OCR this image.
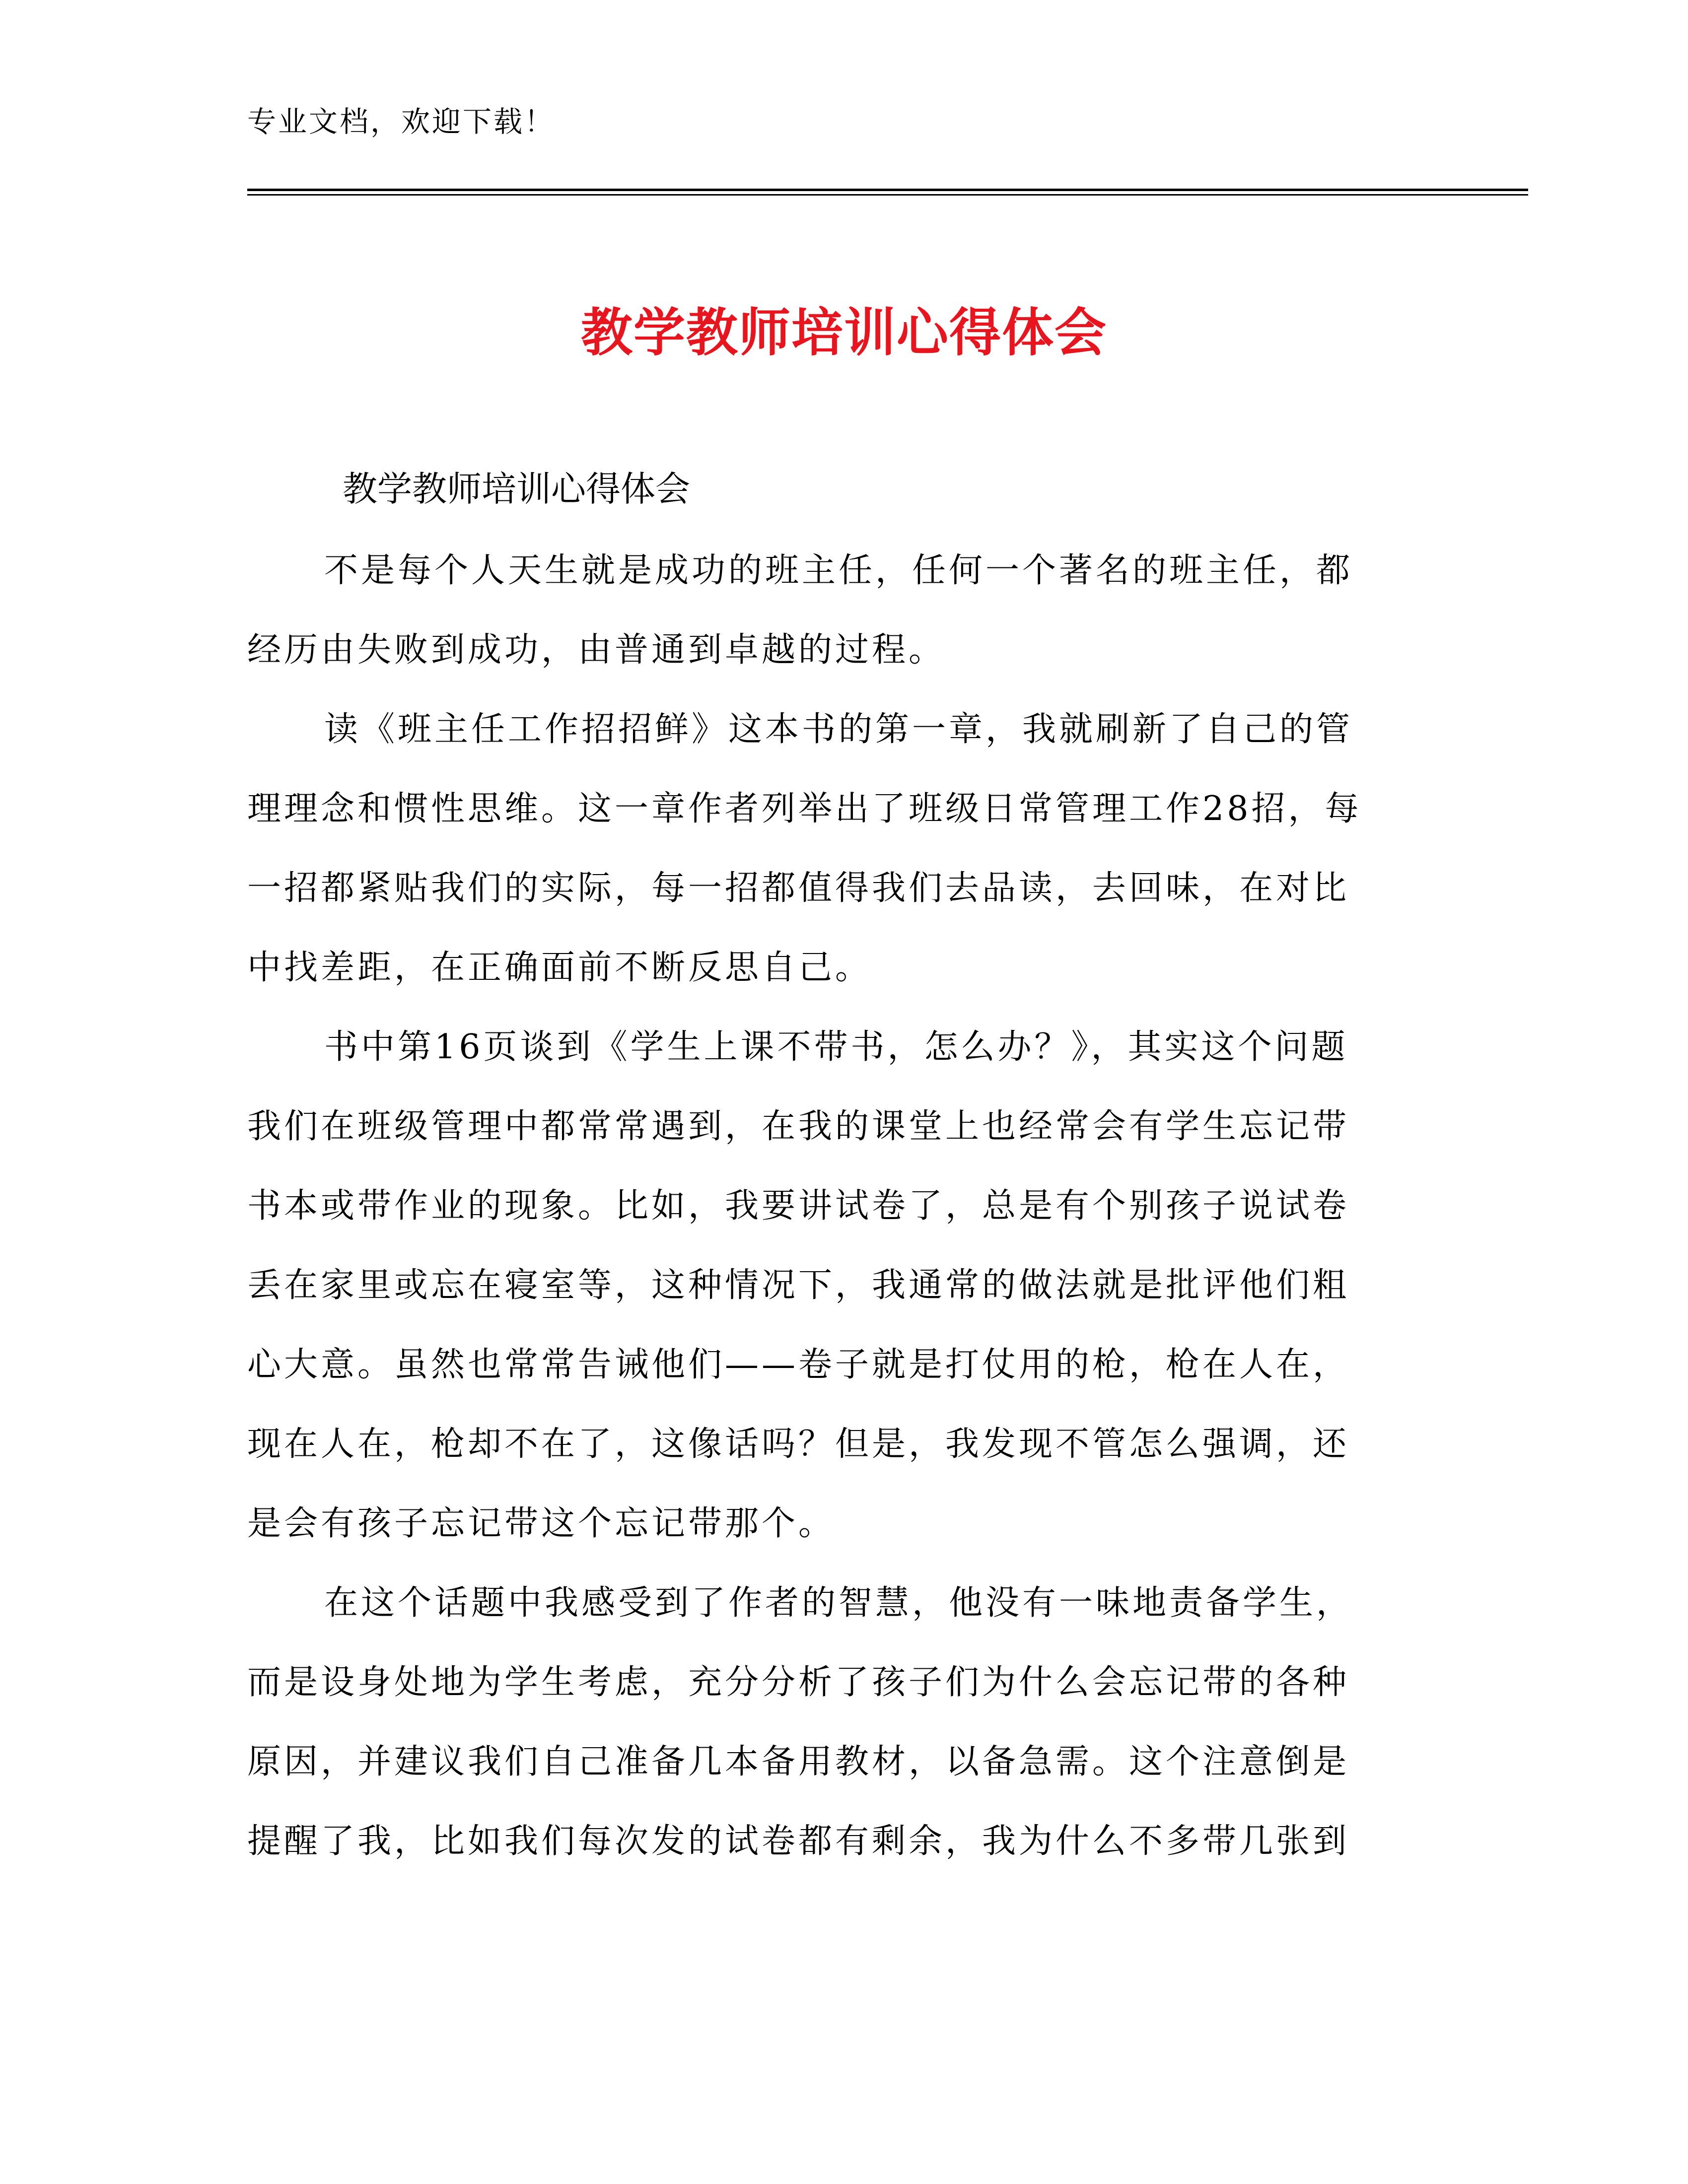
专业文档，欢迎下载！
教学教师培训心得体会
教学教师培训心得体会
不是每个人天生就是成功的班主任，任何一个著名的班主任，都
经历由失败到成功，由普通到卓越的过程。
读《班主任工作招招鲜》这本书的第一章，我就刷新了自己的管
理理念和惯性思维。这一章作者列举出了班级日常管理工作28招，每
一招都紧贴我们的实际，每一招都值得我们去品读，去回味，在对比
中找差距，在正确面前不断反思自己。
书中第16页谈到《学生上课不带书，怎么办？》，其实这个问题
我们在班级管理中都常常遇到，在我的课堂上也经常会有学生忘记带
书本或带作业的现象。比如，我要讲试卷了，总是有个别孩子说试卷
丢在家里或忘在寝室等，这种情况下，我通常的做法就是批评他们粗
心大意。虽然也常常告诫他们——卷子就是打仗用的枪，枪在人在，
现在人在，枪却不在了，这像话吗？但是，我发现不管怎么强调，还
是会有孩子忘记带这个忘记带那个。
在这个话题中我感受到了作者的智慧，他没有一味地责备学生，
而是设身处地为学生考虑，充分分析了孩子们为什么会忘记带的各种
原因，并建议我们自己准备几本备用教材，以备急需。这个注意倒是
提醒了我，比如我们每次发的试卷都有剩余，我为什么不多带几张到
